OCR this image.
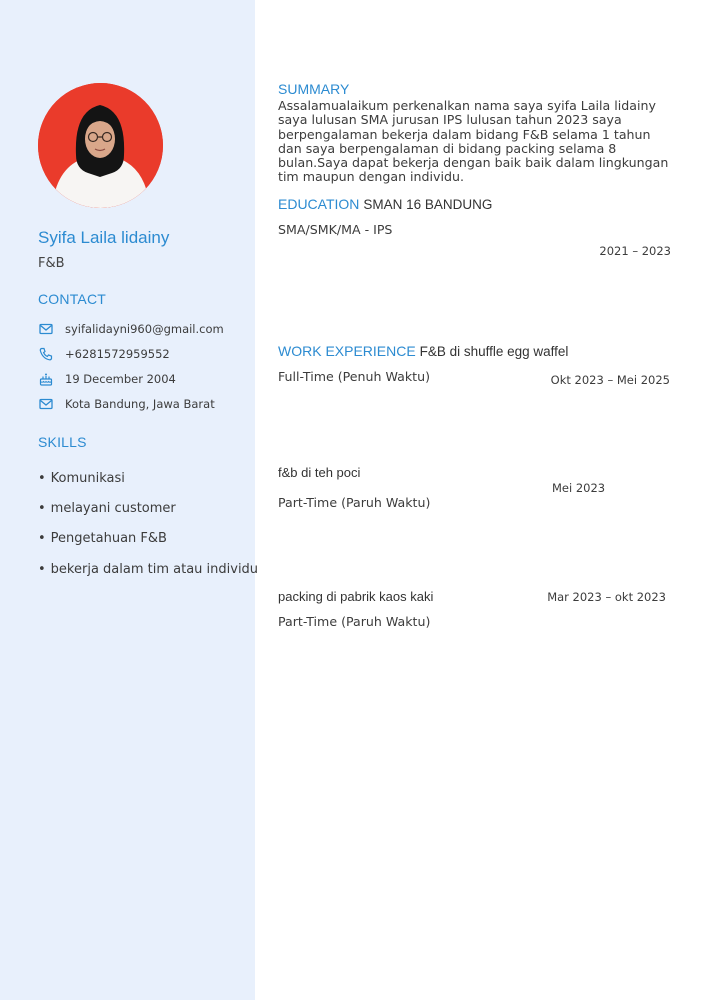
Syifa Laila lidainy
F&B
CONTACT
syifalidayni960@gmail.com
+6281572959552
19 December 2004
Kota Bandung, Jawa Barat
SKILLS
• Komunikasi
• melayani customer
• Pengetahuan F&B
• bekerja dalam tim atau individu
SUMMARY
Assalamualaikum perkenalkan nama saya syifa Laila lidainy saya lulusan SMA jurusan IPS lulusan tahun 2023 saya berpengalaman bekerja dalam bidang F&B selama 1 tahun dan saya berpengalaman di bidang packing selama 8 bulan.Saya dapat bekerja dengan baik baik dalam lingkungan tim maupun dengan individu.
EDUCATION SMAN 16 BANDUNG
SMA/SMK/MA - IPS
2021 – 2023
WORK EXPERIENCE F&B di shuffle egg waffel
Full-Time (Penuh Waktu)	Okt 2023 – Mei 2025
f&b di teh poci
Mei 2023
Part-Time (Paruh Waktu)
packing di pabrik kaos kaki	Mar 2023 – okt 2023
Part-Time (Paruh Waktu)
